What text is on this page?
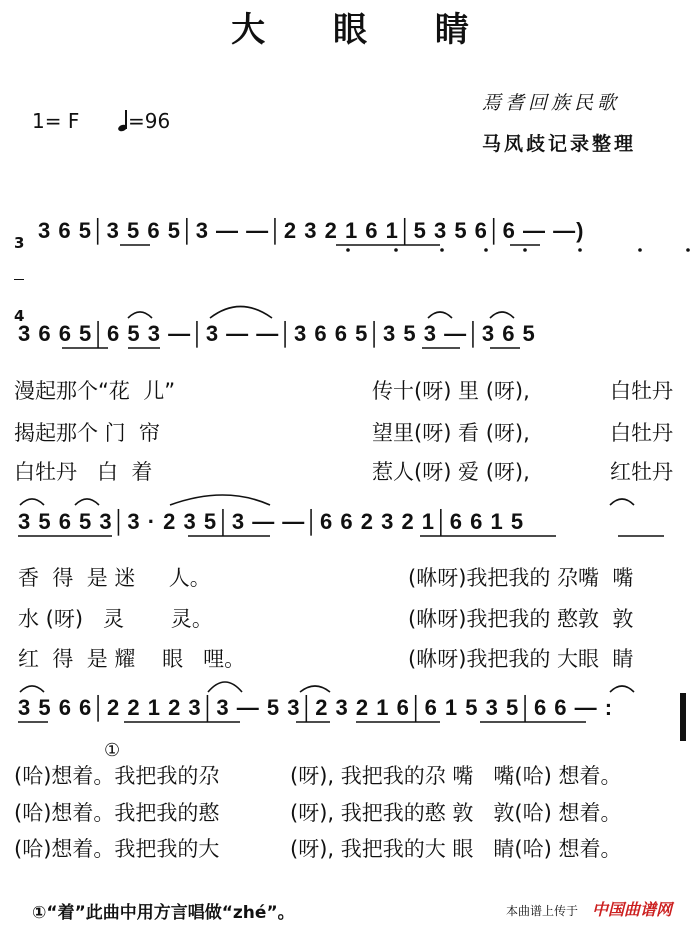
大 眼 睛
1= F	=96
焉耆回族民歌
马凤歧记录整理

3

4

3 6 5│3 5 6 5│3 — —│2 3 2 1 6 1│5 3 5 6│6 — —)
3 6 6 5│6 5 3 —│3 — —│3 6 6 5│3 5 3 —│3 6 5
3 5 6 5 3│3 · 2 3 5│3 — —│6 6 2 3 2 1│6 6 1 5
3 5 6 6│2 2 1 2 3│3 — 5 3│2 3 2 1 6│6 1 5 3 5│6 6 — :
漫起那个“花  儿”	传十(呀) 里 (呀),	白牡丹
揭起那个 门  帘	望里(呀) 看 (呀),	白牡丹
白牡丹   白  着	惹人(呀) 爱 (呀),	红牡丹
香  得  是 迷     人。	(咻呀)我把我的 尕嘴  嘴
水 (呀)   灵       灵。	(咻呀)我把我的 憨敦  敦
红  得  是 耀    眼   哩。	(咻呀)我把我的 大眼  睛
(哈)想着。我把我的尕	(呀), 我把我的尕 嘴   嘴(哈) 想着。
(哈)想着。我把我的憨	(呀), 我把我的憨 敦   敦(哈) 想着。
(哈)想着。我把我的大	(呀), 我把我的大 眼   睛(哈) 想着。
①
①“着”此曲中用方言唱做“zhé”。	本曲谱上传于 中国曲谱网
